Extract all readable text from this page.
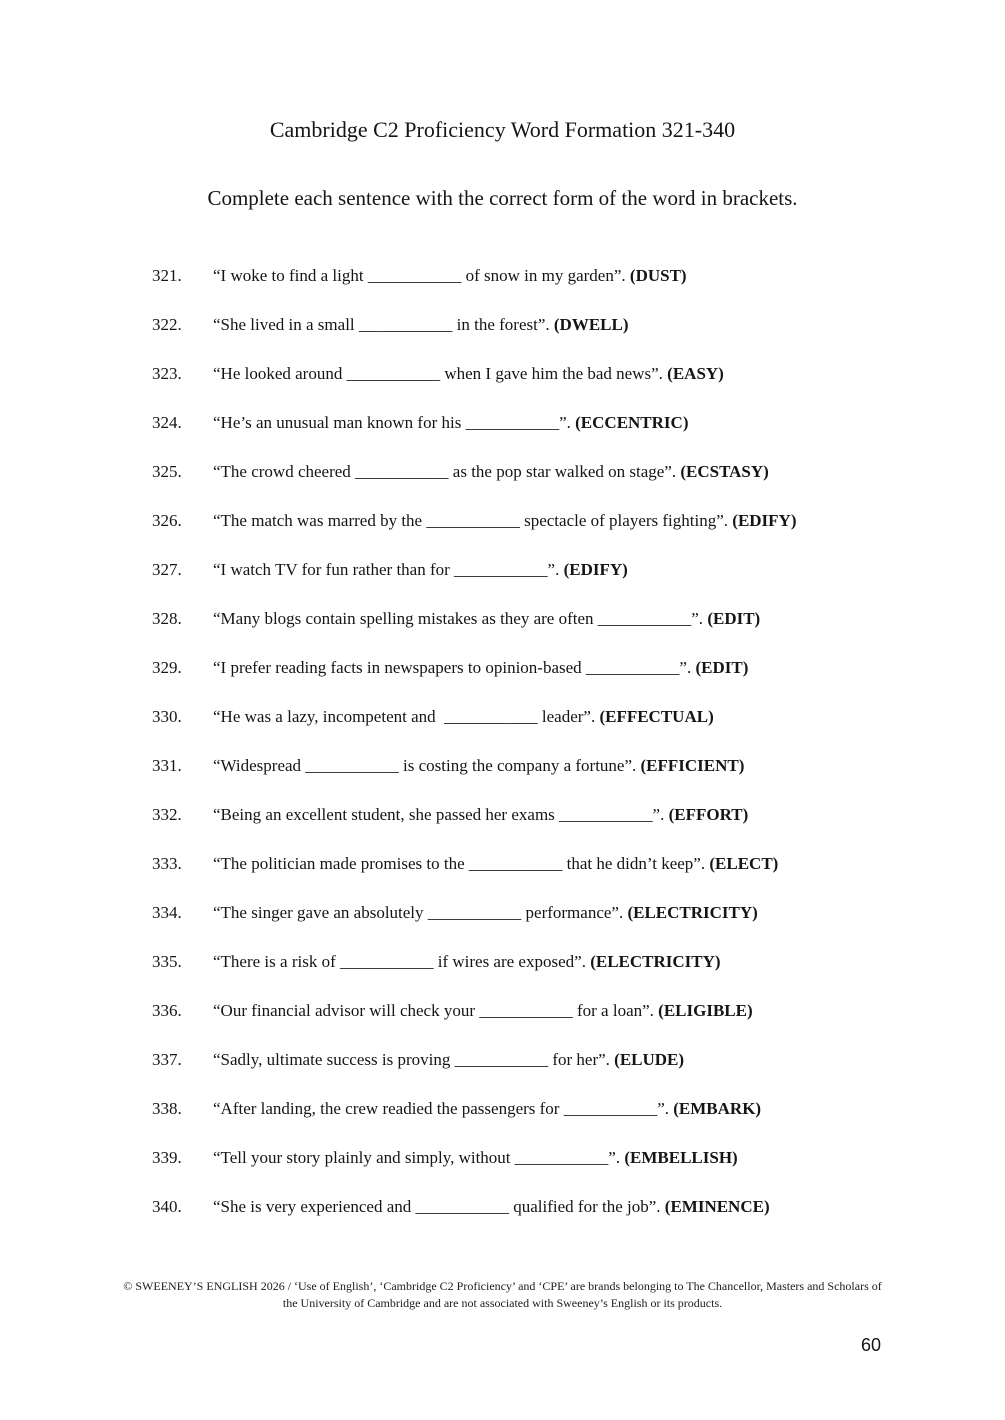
Cambridge C2 Proficiency Word Formation 321-340

Complete each sentence with the correct form of the word in brackets.

321.	“I woke to find a light ___________ of snow in my garden”. (DUST)
322.	“She lived in a small ___________ in the forest”. (DWELL)
323.	“He looked around ___________ when I gave him the bad news”. (EASY)
324.	“He’s an unusual man known for his ___________”. (ECCENTRIC)
325.	“The crowd cheered ___________ as the pop star walked on stage”. (ECSTASY)
326.	“The match was marred by the ___________ spectacle of players fighting”. (EDIFY)
327.	“I watch TV for fun rather than for ___________”. (EDIFY)
328.	“Many blogs contain spelling mistakes as they are often ___________”. (EDIT)
329.	“I prefer reading facts in newspapers to opinion-based ___________”. (EDIT)
330.	“He was a lazy, incompetent and  ___________ leader”. (EFFECTUAL)
331.	“Widespread ___________ is costing the company a fortune”. (EFFICIENT)
332.	“Being an excellent student, she passed her exams ___________”. (EFFORT)
333.	“The politician made promises to the ___________ that he didn’t keep”. (ELECT)
334.	“The singer gave an absolutely ___________ performance”. (ELECTRICITY)
335.	“There is a risk of ___________ if wires are exposed”. (ELECTRICITY)
336.	“Our financial advisor will check your ___________ for a loan”. (ELIGIBLE)
337.	“Sadly, ultimate success is proving ___________ for her”. (ELUDE)
338.	“After landing, the crew readied the passengers for ___________”. (EMBARK)
339.	“Tell your story plainly and simply, without ___________”. (EMBELLISH)
340.	“She is very experienced and ___________ qualified for the job”. (EMINENCE)
© SWEENEY’S ENGLISH 2026 / ‘Use of English’, ‘Cambridge C2 Proficiency’ and ‘CPE’ are brands belonging to The Chancellor, Masters and Scholars of
the University of Cambridge and are not associated with Sweeney’s English or its products.
60
